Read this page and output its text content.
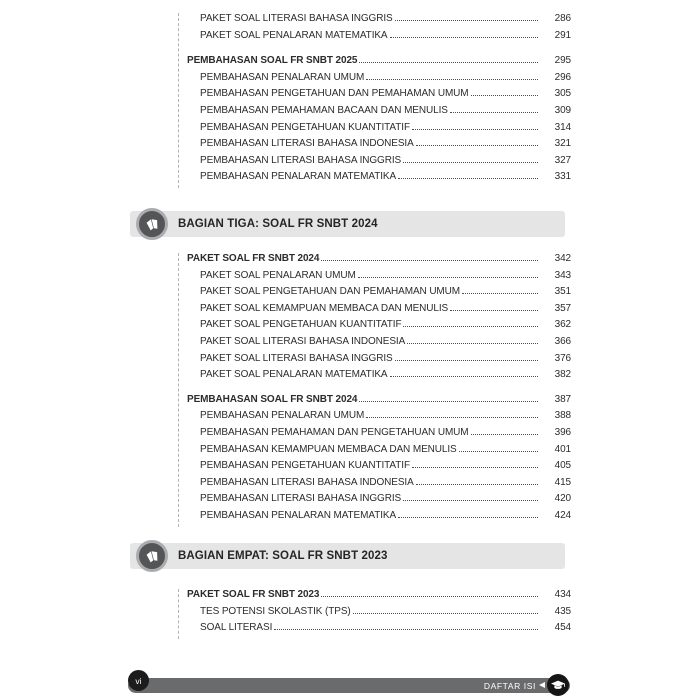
PAKET SOAL LITERASI BAHASA INGGRIS	286
PAKET SOAL PENALARAN MATEMATIKA	291
PEMBAHASAN SOAL FR SNBT 2025	295
PEMBAHASAN PENALARAN UMUM	296
PEMBAHASAN PENGETAHUAN DAN PEMAHAMAN UMUM	305
PEMBAHASAN PEMAHAMAN BACAAN DAN MENULIS	309
PEMBAHASAN PENGETAHUAN KUANTITATIF	314
PEMBAHASAN LITERASI BAHASA INDONESIA	321
PEMBAHASAN LITERASI BAHASA INGGRIS	327
PEMBAHASAN PENALARAN MATEMATIKA	331
BAGIAN TIGA: SOAL FR SNBT 2024
PAKET SOAL FR SNBT 2024	342
PAKET SOAL PENALARAN UMUM	343
PAKET SOAL PENGETAHUAN DAN PEMAHAMAN UMUM	351
PAKET SOAL KEMAMPUAN MEMBACA DAN MENULIS	357
PAKET SOAL PENGETAHUAN KUANTITATIF	362
PAKET SOAL LITERASI BAHASA INDONESIA	366
PAKET SOAL LITERASI BAHASA INGGRIS	376
PAKET SOAL PENALARAN MATEMATIKA	382
PEMBAHASAN SOAL FR SNBT 2024	387
PEMBAHASAN PENALARAN UMUM	388
PEMBAHASAN PEMAHAMAN DAN PENGETAHUAN UMUM	396
PEMBAHASAN KEMAMPUAN MEMBACA DAN MENULIS	401
PEMBAHASAN PENGETAHUAN KUANTITATIF	405
PEMBAHASAN LITERASI BAHASA INDONESIA	415
PEMBAHASAN LITERASI BAHASA INGGRIS	420
PEMBAHASAN PENALARAN MATEMATIKA	424
BAGIAN EMPAT: SOAL FR SNBT 2023
PAKET SOAL FR SNBT 2023	434
TES POTENSI SKOLASTIK (TPS)	435
SOAL LITERASI	454
vi	DAFTAR ISI
